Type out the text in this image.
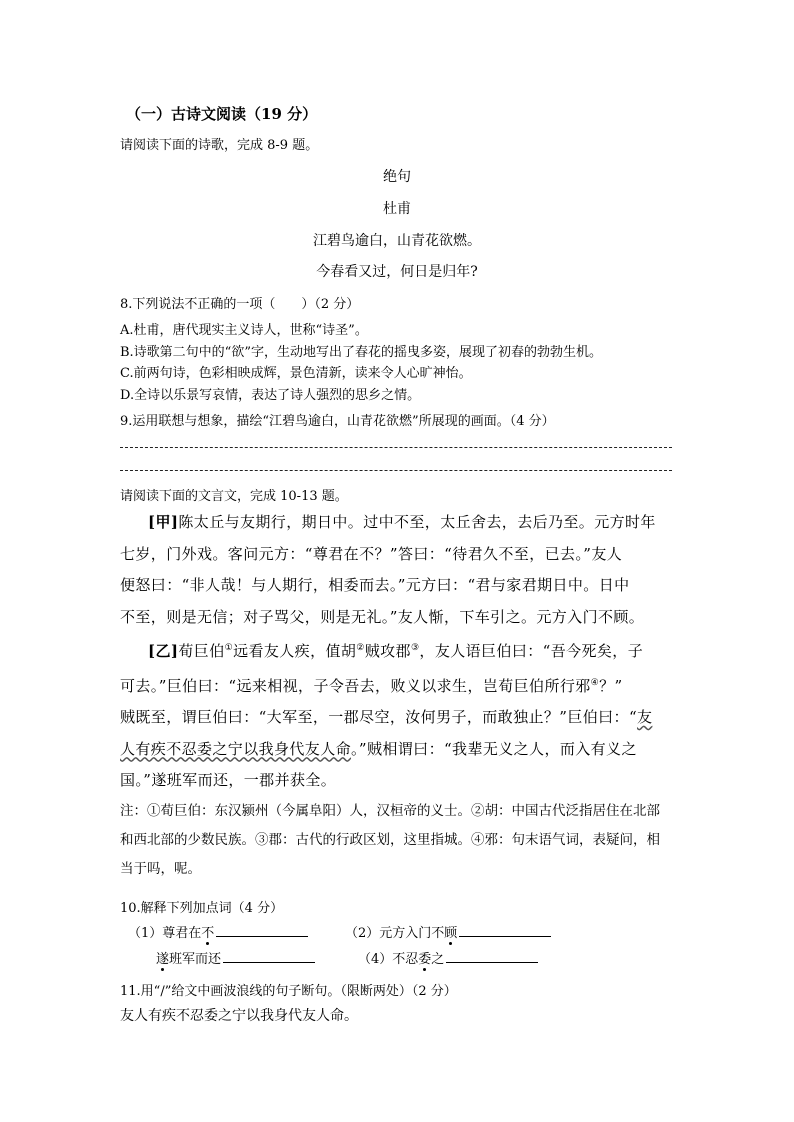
（一）古诗文阅读（19 分）
请阅读下面的诗歌，完成 8-9 题。
绝句
杜甫
江碧鸟逾白，山青花欲燃。
今春看又过，何日是归年?
8.下列说法不正确的一项（　　）（2 分）
A.杜甫，唐代现实主义诗人，世称“诗圣”。
B.诗歌第二句中的“欲”字，生动地写出了春花的摇曳多姿，展现了初春的勃勃生机。
C.前两句诗，色彩相映成辉，景色清新，读来令人心旷神怡。
D.全诗以乐景写哀情，表达了诗人强烈的思乡之情。
9.运用联想与想象，描绘“江碧鸟逾白，山青花欲燃”所展现的画面。（4 分）
请阅读下面的文言文，完成 10-13 题。
[甲]陈太丘与友期行，期日中。过中不至，太丘舍去，去后乃至。元方时年
七岁，门外戏。客问元方：“尊君在不？”答曰：“待君久不至，已去。”友人
便怒曰：“非人哉！与人期行，相委而去。”元方曰：“君与家君期日中。日中
不至，则是无信；对子骂父，则是无礼。”友人惭，下车引之。元方入门不顾。
[乙]荀巨伯①远看友人疾，值胡②贼攻郡③，友人语巨伯曰：“吾今死矣，子
可去。”巨伯曰：“远来相视，子令吾去，败义以求生，岂荀巨伯所行邪④？”
贼既至，谓巨伯曰：“大军至，一郡尽空，汝何男子，而敢独止？”巨伯曰：“友
人有疾不忍委之宁以我身代友人命。”贼相谓曰：“我辈无义之人，而入有义之
国。”遂班军而还，一郡并获全。
注：①荀巨伯：东汉颍州（今属阜阳）人，汉桓帝的义士。②胡：中国古代泛指居住在北部
和西北部的少数民族。③郡：古代的行政区划，这里指城。④邪：句末语气词，表疑问，相
当于吗，呢。
10.解释下列加点词（4 分）
（1）尊君在不	（2）元方入门不顾
遂班军而还	（4）不忍委之
11.用“/”给文中画波浪线的句子断句。（限断两处）（2 分）
友人有疾不忍委之宁以我身代友人命。
